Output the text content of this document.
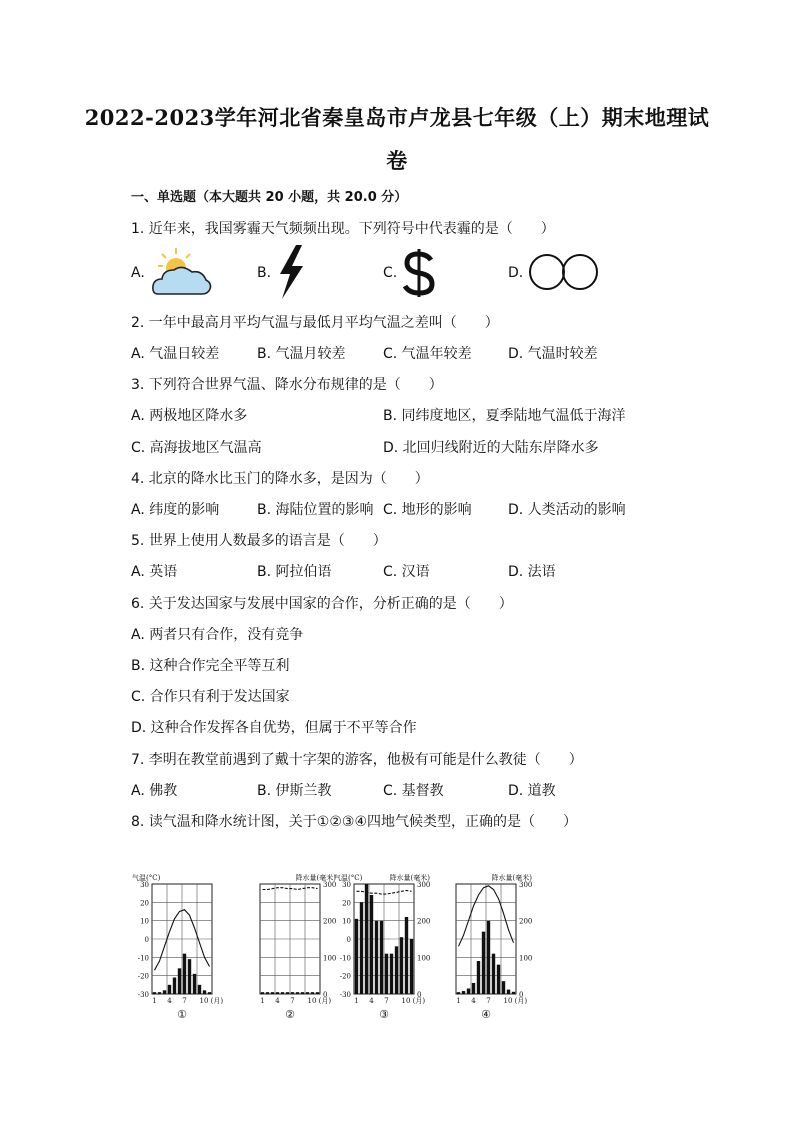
2022-2023学年河北省秦皇岛市卢龙县七年级（上）期末地理试
卷
一、单选题（本大题共 20 小题，共 20.0 分）
1. 近年来，我国雾霾天气频频出现。下列符号中代表霾的是（　　）
A.	B.	C.	D.
2. 一年中最高月平均气温与最低月平均气温之差叫（　　）
A. 气温日较差	B. 气温月较差	C. 气温年较差	D. 气温时较差
3. 下列符合世界气温、降水分布规律的是（　　）
A. 两极地区降水多	B. 同纬度地区，夏季陆地气温低于海洋
C. 高海拔地区气温高	D. 北回归线附近的大陆东岸降水多
4. 北京的降水比玉门的降水多，是因为（　　）
A. 纬度的影响	B. 海陆位置的影响 C. 地形的影响	D. 人类活动的影响
5. 世界上使用人数最多的语言是（　　）
A. 英语	B. 阿拉伯语	C. 汉语	D. 法语
6. 关于发达国家与发展中国家的合作，分析正确的是（　　）
A. 两者只有合作，没有竞争
B. 这种合作完全平等互利
C. 合作只有利于发达国家
D. 这种合作发挥各自优势，但属于不平等合作
7. 李明在教堂前遇到了戴十字架的游客，他极有可能是什么教徒（　　）
A. 佛教	B. 伊斯兰教	C. 基督教	D. 道教
8. 读气温和降水统计图，关于①②③④四地气候类型，正确的是（　　）
30
20
10
0
-10
-20
-30
气温(°C)
1 4 7 10 (月)
①
300
200
100
0
降水量(毫米)
1 4 7 10 (月)
②
30
20
10
0
-10
-20
-30
300
200
100
0
气温(°C)	降水量(毫米)
1 4 7 10 (月)
③
300
200
100
0
降水量(毫米)
1 4 7 10 (月)
④
